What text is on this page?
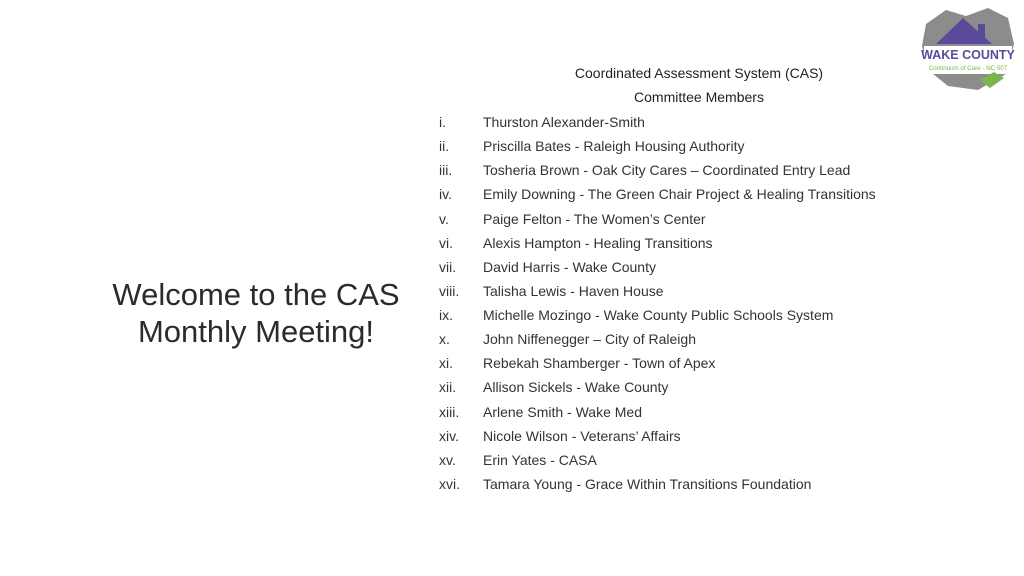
Welcome to the CAS Monthly Meeting!
Coordinated Assessment System (CAS)
Committee Members
i.	Thurston Alexander-Smith
ii.	Priscilla Bates - Raleigh Housing Authority
iii.	Tosheria Brown - Oak City Cares – Coordinated Entry Lead
iv.	Emily Downing - The Green Chair Project & Healing Transitions
v.	Paige Felton - The Women’s Center
vi.	Alexis Hampton - Healing Transitions
vii.	David Harris - Wake County
viii.	Talisha Lewis - Haven House
ix.	Michelle Mozingo - Wake County Public Schools System
x.	John Niffenegger – City of Raleigh
xi.	Rebekah Shamberger - Town of Apex
xii.	Allison Sickels - Wake County
xiii.	Arlene Smith - Wake Med
xiv.	Nicole Wilson - Veterans’ Affairs
xv.	Erin Yates - CASA
xvi.	Tamara Young - Grace Within Transitions Foundation
WAKE COUNTY
Continuum of Care - NC 507
